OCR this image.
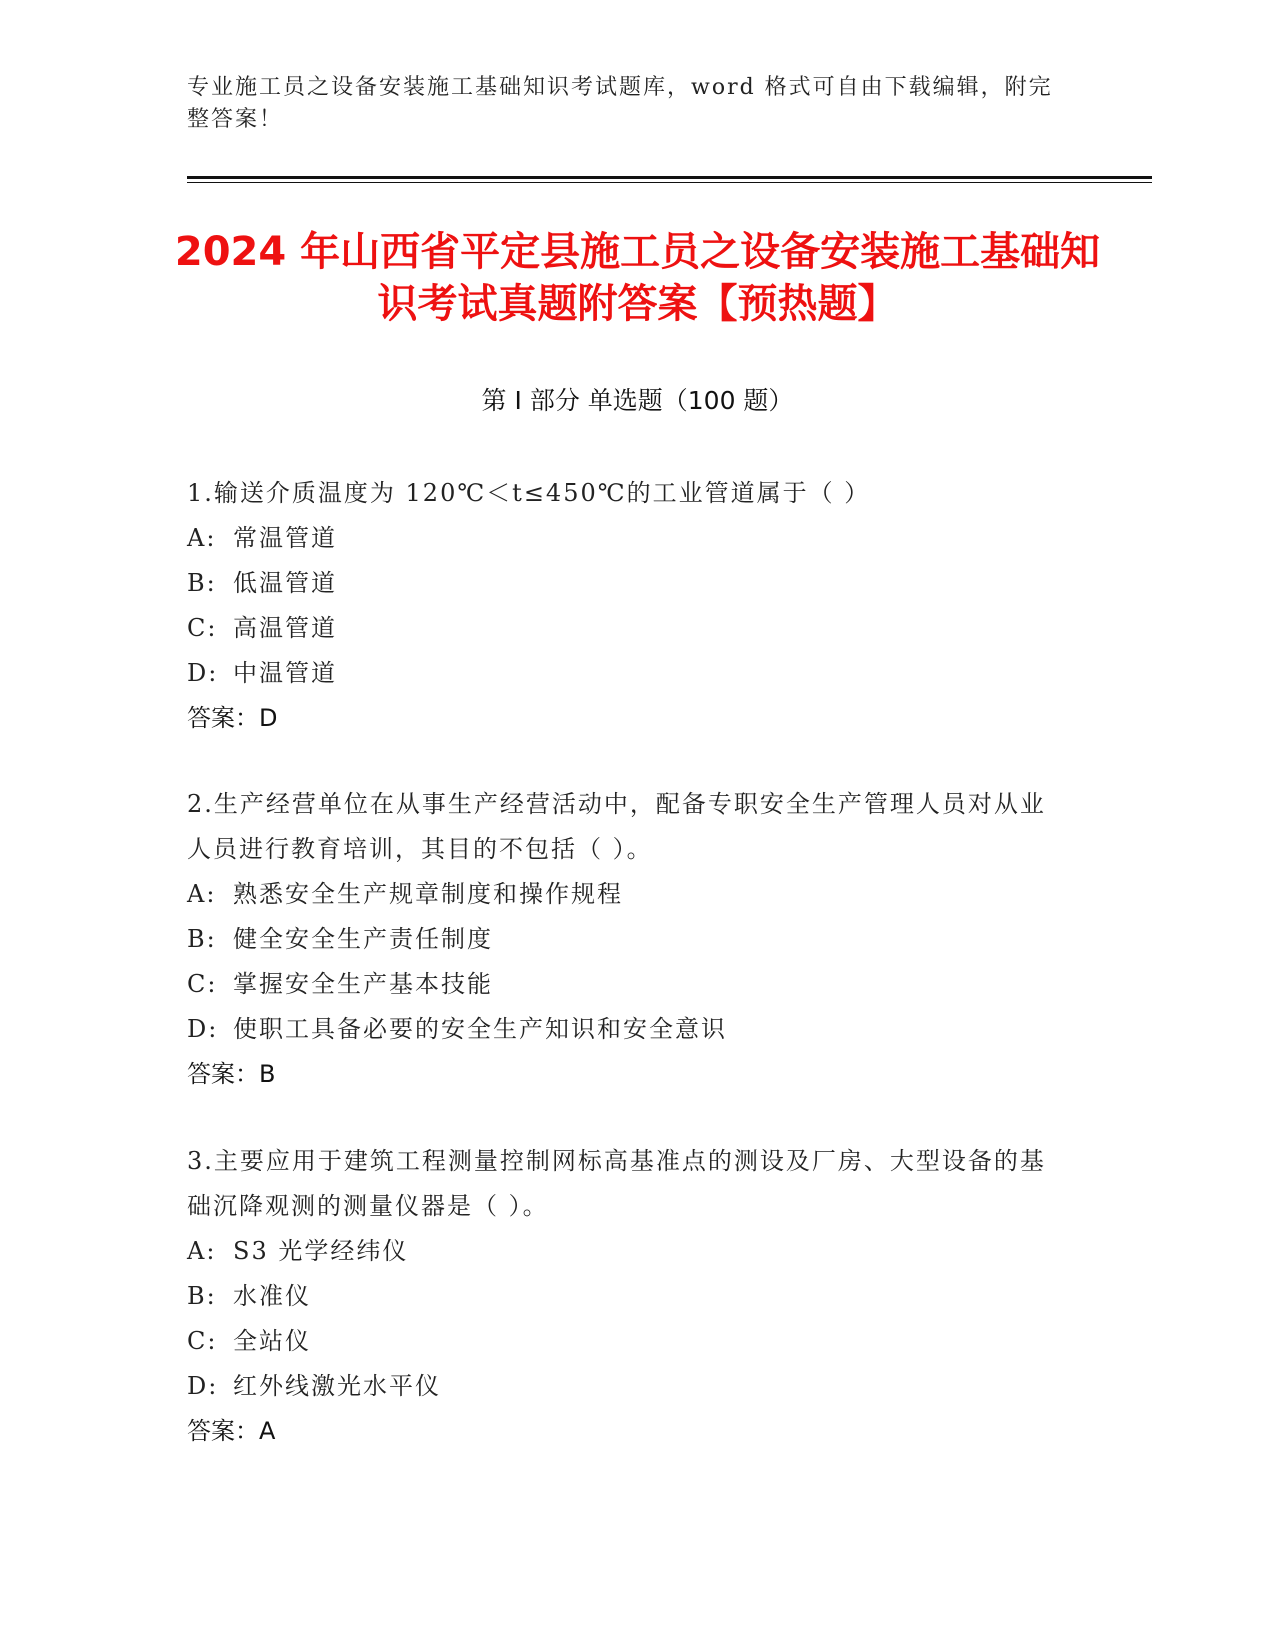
专业施工员之设备安装施工基础知识考试题库，word 格式可自由下载编辑，附完整答案！
2024 年山西省平定县施工员之设备安装施工基础知识考试真题附答案【预热题】
第 I 部分 单选题（100 题）

1.输送介质温度为 120℃＜t≤450℃的工业管道属于（ ）

A: 常温管道

B: 低温管道

C: 高温管道

D: 中温管道

答案：D

2.生产经营单位在从事生产经营活动中，配备专职安全生产管理人员对从业人员进行教育培训，其目的不包括（ ）。

A: 熟悉安全生产规章制度和操作规程

B: 健全安全生产责任制度

C: 掌握安全生产基本技能

D: 使职工具备必要的安全生产知识和安全意识

答案：B

3.主要应用于建筑工程测量控制网标高基准点的测设及厂房、大型设备的基础沉降观测的测量仪器是（ ）。

A: S3 光学经纬仪

B: 水准仪

C: 全站仪

D: 红外线激光水平仪

答案：A
